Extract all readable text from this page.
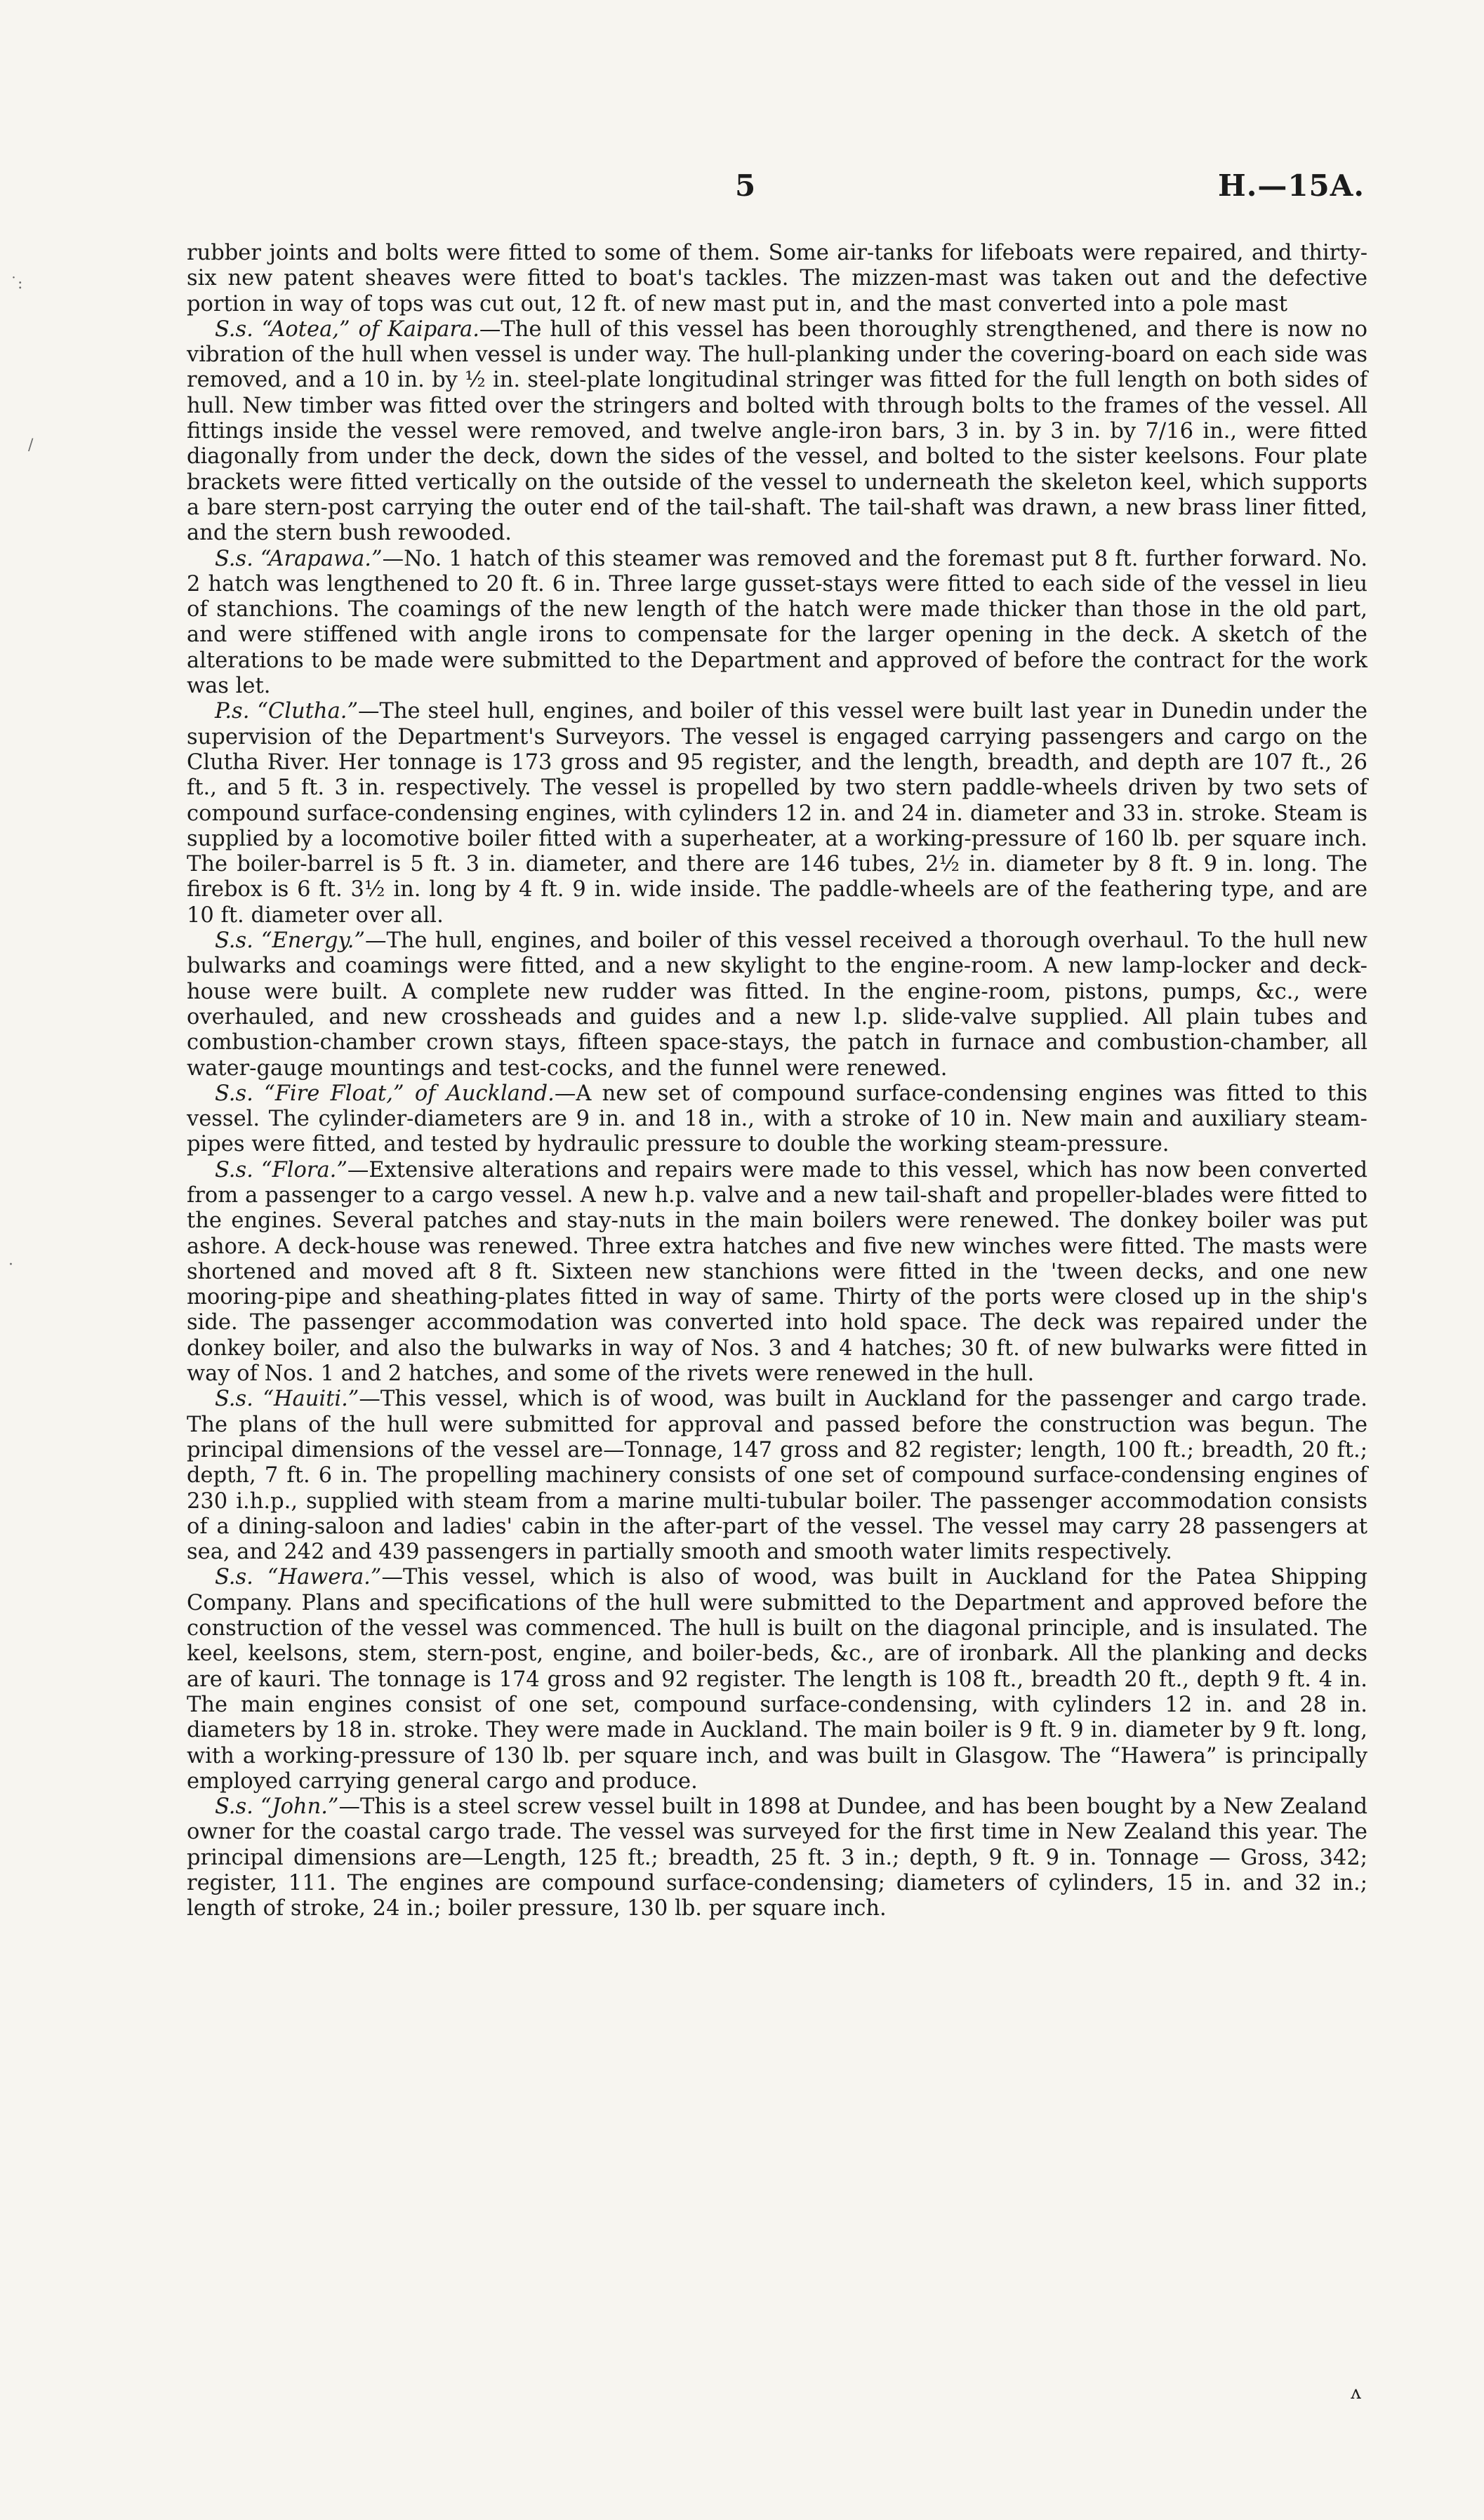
˙:
/
·
5	H.—15A.

rubber joints and bolts were fitted to some of them. Some air-tanks for lifeboats were repaired, and thirty-six new patent sheaves were fitted to boat's tackles. The mizzen-mast was taken out and the defective portion in way of tops was cut out, 12 ft. of new mast put in, and the mast converted into a pole mast

S.s. “Aotea,” of Kaipara.—The hull of this vessel has been thoroughly strengthened, and there is now no vibration of the hull when vessel is under way. The hull-planking under the covering-board on each side was removed, and a 10 in. by ½ in. steel-plate longitudinal stringer was fitted for the full length on both sides of hull. New timber was fitted over the stringers and bolted with through bolts to the frames of the vessel. All fittings inside the vessel were removed, and twelve angle-iron bars, 3 in. by 3 in. by 7/16 in., were fitted diagonally from under the deck, down the sides of the vessel, and bolted to the sister keelsons. Four plate brackets were fitted vertically on the outside of the vessel to underneath the skeleton keel, which supports a bare stern-post carrying the outer end of the tail-shaft. The tail-shaft was drawn, a new brass liner fitted, and the stern bush rewooded.

S.s. “Arapawa.”—No. 1 hatch of this steamer was removed and the foremast put 8 ft. further forward. No. 2 hatch was lengthened to 20 ft. 6 in. Three large gusset-stays were fitted to each side of the vessel in lieu of stanchions. The coamings of the new length of the hatch were made thicker than those in the old part, and were stiffened with angle irons to compensate for the larger opening in the deck. A sketch of the alterations to be made were submitted to the Department and approved of before the contract for the work was let.

P.s. “Clutha.”—The steel hull, engines, and boiler of this vessel were built last year in Dunedin under the supervision of the Department's Surveyors. The vessel is engaged carrying passengers and cargo on the Clutha River. Her tonnage is 173 gross and 95 register, and the length, breadth, and depth are 107 ft., 26 ft., and 5 ft. 3 in. respectively. The vessel is propelled by two stern paddle-wheels driven by two sets of compound surface-condensing engines, with cylinders 12 in. and 24 in. diameter and 33 in. stroke. Steam is supplied by a locomotive boiler fitted with a superheater, at a working-pressure of 160 lb. per square inch. The boiler-barrel is 5 ft. 3 in. diameter, and there are 146 tubes, 2½ in. diameter by 8 ft. 9 in. long. The firebox is 6 ft. 3½ in. long by 4 ft. 9 in. wide inside. The paddle-wheels are of the feathering type, and are 10 ft. diameter over all.

S.s. “Energy.”—The hull, engines, and boiler of this vessel received a thorough overhaul. To the hull new bulwarks and coamings were fitted, and a new skylight to the engine-room. A new lamp-locker and deck-house were built. A complete new rudder was fitted. In the engine-room, pistons, pumps, &c., were overhauled, and new crossheads and guides and a new l.p. slide-valve supplied. All plain tubes and combustion-chamber crown stays, fifteen space-stays, the patch in furnace and combustion-chamber, all water-gauge mountings and test-cocks, and the funnel were renewed.

S.s. “Fire Float,” of Auckland.—A new set of compound surface-condensing engines was fitted to this vessel. The cylinder-diameters are 9 in. and 18 in., with a stroke of 10 in. New main and auxiliary steam-pipes were fitted, and tested by hydraulic pressure to double the working steam-pressure.

S.s. “Flora.”—Extensive alterations and repairs were made to this vessel, which has now been converted from a passenger to a cargo vessel. A new h.p. valve and a new tail-shaft and propeller-blades were fitted to the engines. Several patches and stay-nuts in the main boilers were renewed. The donkey boiler was put ashore. A deck-house was renewed. Three extra hatches and five new winches were fitted. The masts were shortened and moved aft 8 ft. Sixteen new stanchions were fitted in the 'tween decks, and one new mooring-pipe and sheathing-plates fitted in way of same. Thirty of the ports were closed up in the ship's side. The passenger accommodation was converted into hold space. The deck was repaired under the donkey boiler, and also the bulwarks in way of Nos. 3 and 4 hatches; 30 ft. of new bulwarks were fitted in way of Nos. 1 and 2 hatches, and some of the rivets were renewed in the hull.

S.s. “Hauiti.”—This vessel, which is of wood, was built in Auckland for the passenger and cargo trade. The plans of the hull were submitted for approval and passed before the construction was begun. The principal dimensions of the vessel are—Tonnage, 147 gross and 82 register; length, 100 ft.; breadth, 20 ft.; depth, 7 ft. 6 in. The propelling machinery consists of one set of compound surface-condensing engines of 230 i.h.p., supplied with steam from a marine multi-tubular boiler. The passenger accommodation consists of a dining-saloon and ladies' cabin in the after-part of the vessel. The vessel may carry 28 passengers at sea, and 242 and 439 passengers in partially smooth and smooth water limits respectively.

S.s. “Hawera.”—This vessel, which is also of wood, was built in Auckland for the Patea Shipping Company. Plans and specifications of the hull were submitted to the Department and approved before the construction of the vessel was commenced. The hull is built on the diagonal principle, and is insulated. The keel, keelsons, stem, stern-post, engine, and boiler-beds, &c., are of ironbark. All the planking and decks are of kauri. The tonnage is 174 gross and 92 register. The length is 108 ft., breadth 20 ft., depth 9 ft. 4 in. The main engines consist of one set, compound surface-condensing, with cylinders 12 in. and 28 in. diameters by 18 in. stroke. They were made in Auckland. The main boiler is 9 ft. 9 in. diameter by 9 ft. long, with a working-pressure of 130 lb. per square inch, and was built in Glasgow. The “Hawera” is principally employed carrying general cargo and produce.

S.s. “John.”—This is a steel screw vessel built in 1898 at Dundee, and has been bought by a New Zealand owner for the coastal cargo trade. The vessel was surveyed for the first time in New Zealand this year. The principal dimensions are—Length, 125 ft.; breadth, 25 ft. 3 in.; depth, 9 ft. 9 in. Tonnage — Gross, 342; register, 111. The engines are compound surface-condensing; diameters of cylinders, 15 in. and 32 in.; length of stroke, 24 in.; boiler pressure, 130 lb. per square inch.

ʌ
